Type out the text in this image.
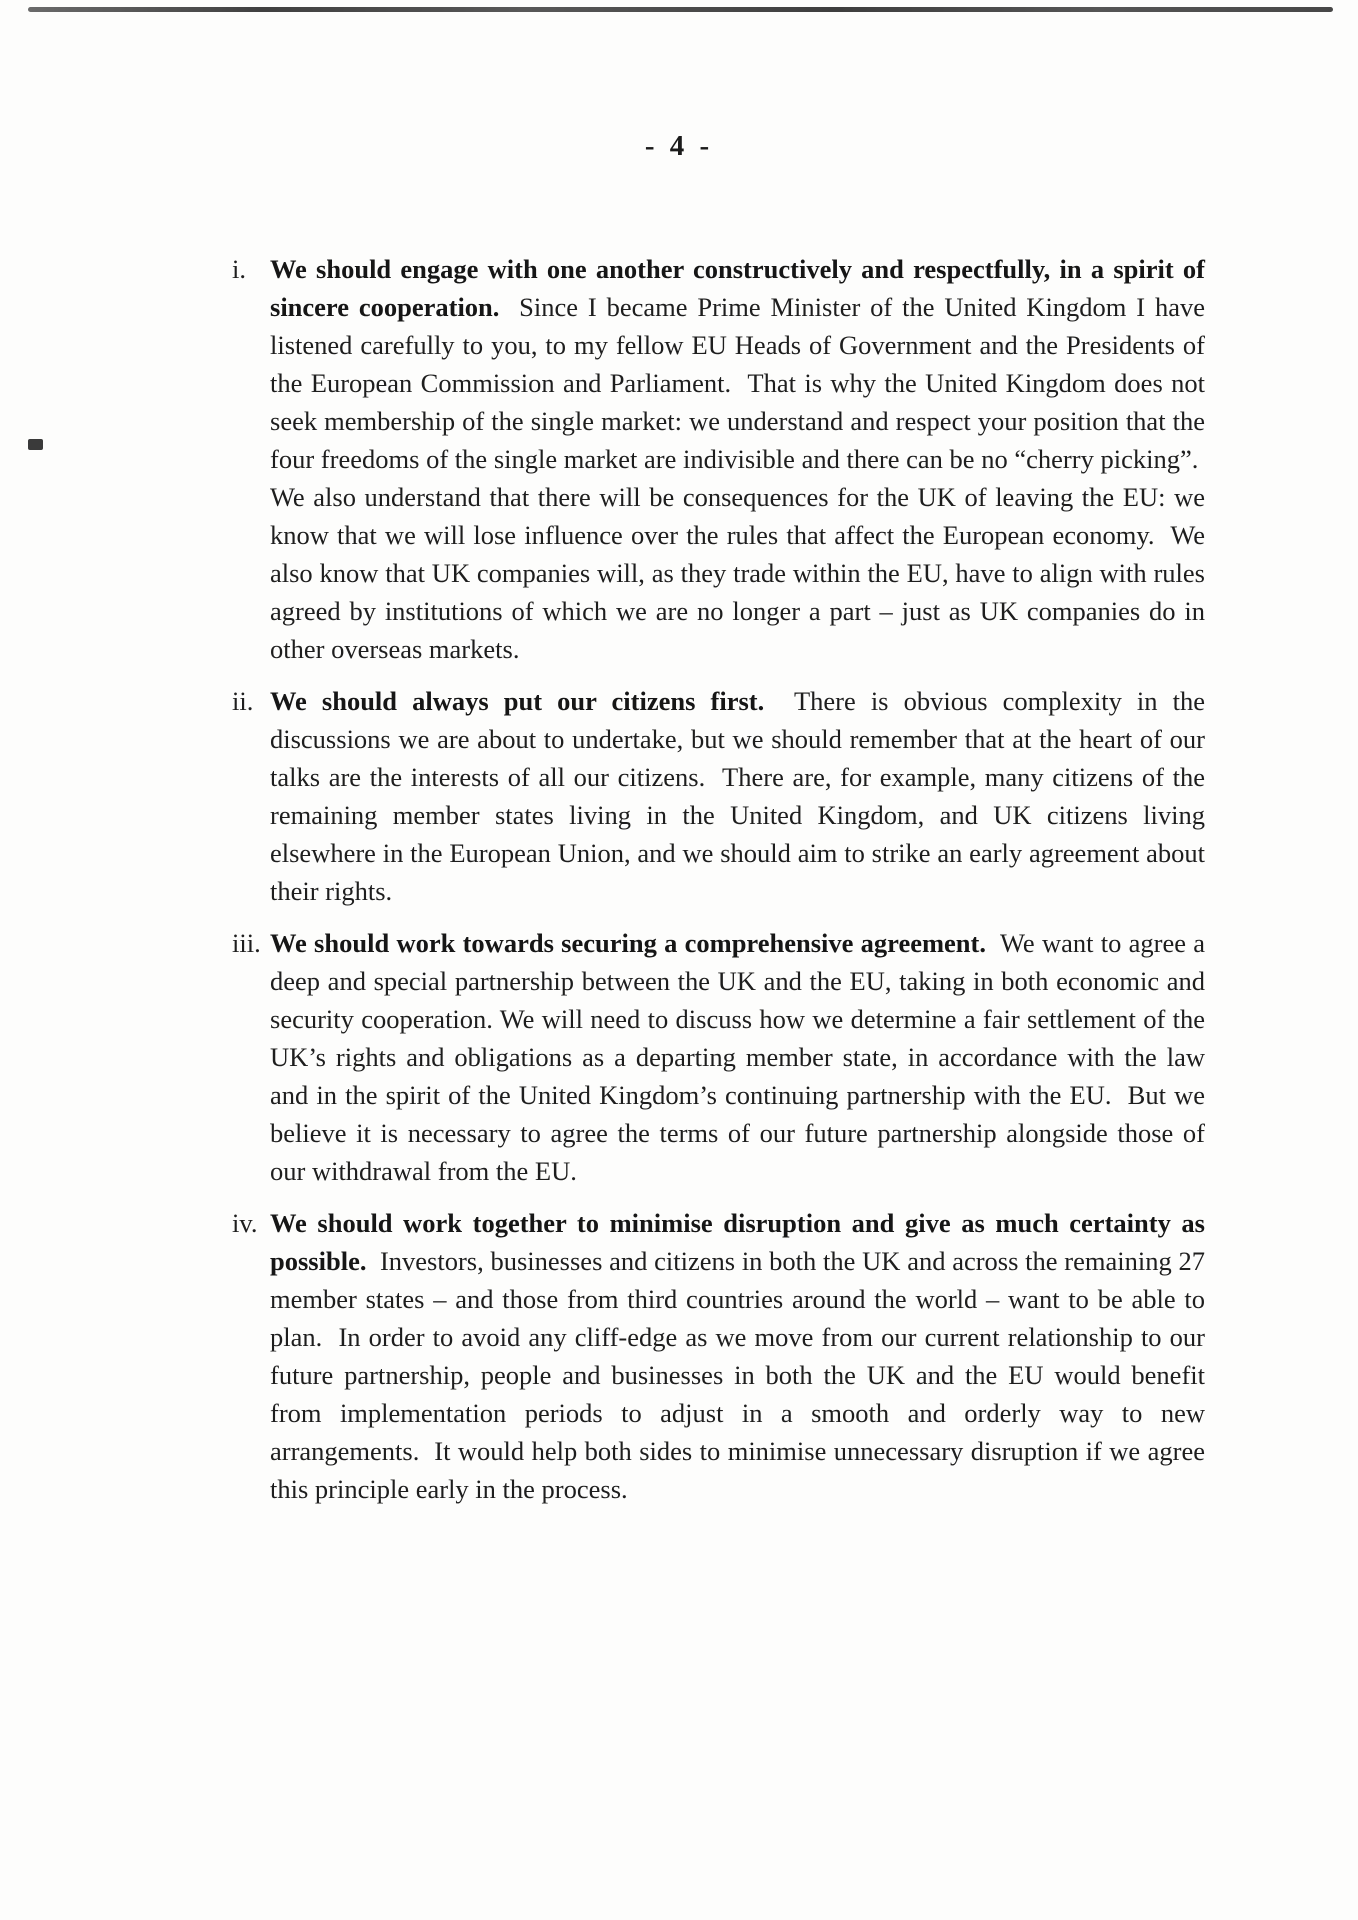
- 4 -
i. We should engage with one another constructively and respectfully, in a spirit of sincere cooperation.  Since I became Prime Minister of the United Kingdom I have listened carefully to you, to my fellow EU Heads of Government and the Presidents of the European Commission and Parliament.  That is why the United Kingdom does not seek membership of the single market: we understand and respect your position that the four freedoms of the single market are indivisible and there can be no “cherry picking”.  We also understand that there will be consequences for the UK of leaving the EU: we know that we will lose influence over the rules that affect the European economy.  We also know that UK companies will, as they trade within the EU, have to align with rules agreed by institutions of which we are no longer a part – just as UK companies do in other overseas markets.
ii. We should always put our citizens first.  There is obvious complexity in the discussions we are about to undertake, but we should remember that at the heart of our talks are the interests of all our citizens.  There are, for example, many citizens of the remaining member states living in the United Kingdom, and UK citizens living elsewhere in the European Union, and we should aim to strike an early agreement about their rights.
iii. We should work towards securing a comprehensive agreement.  We want to agree a deep and special partnership between the UK and the EU, taking in both economic and security cooperation. We will need to discuss how we determine a fair settlement of the UK’s rights and obligations as a departing member state, in accordance with the law and in the spirit of the United Kingdom’s continuing partnership with the EU.  But we believe it is necessary to agree the terms of our future partnership alongside those of our withdrawal from the EU.
iv. We should work together to minimise disruption and give as much certainty as possible.  Investors, businesses and citizens in both the UK and across the remaining 27 member states – and those from third countries around the world – want to be able to plan.  In order to avoid any cliff-edge as we move from our current relationship to our future partnership, people and businesses in both the UK and the EU would benefit from implementation periods to adjust in a smooth and orderly way to new arrangements.  It would help both sides to minimise unnecessary disruption if we agree this principle early in the process.
